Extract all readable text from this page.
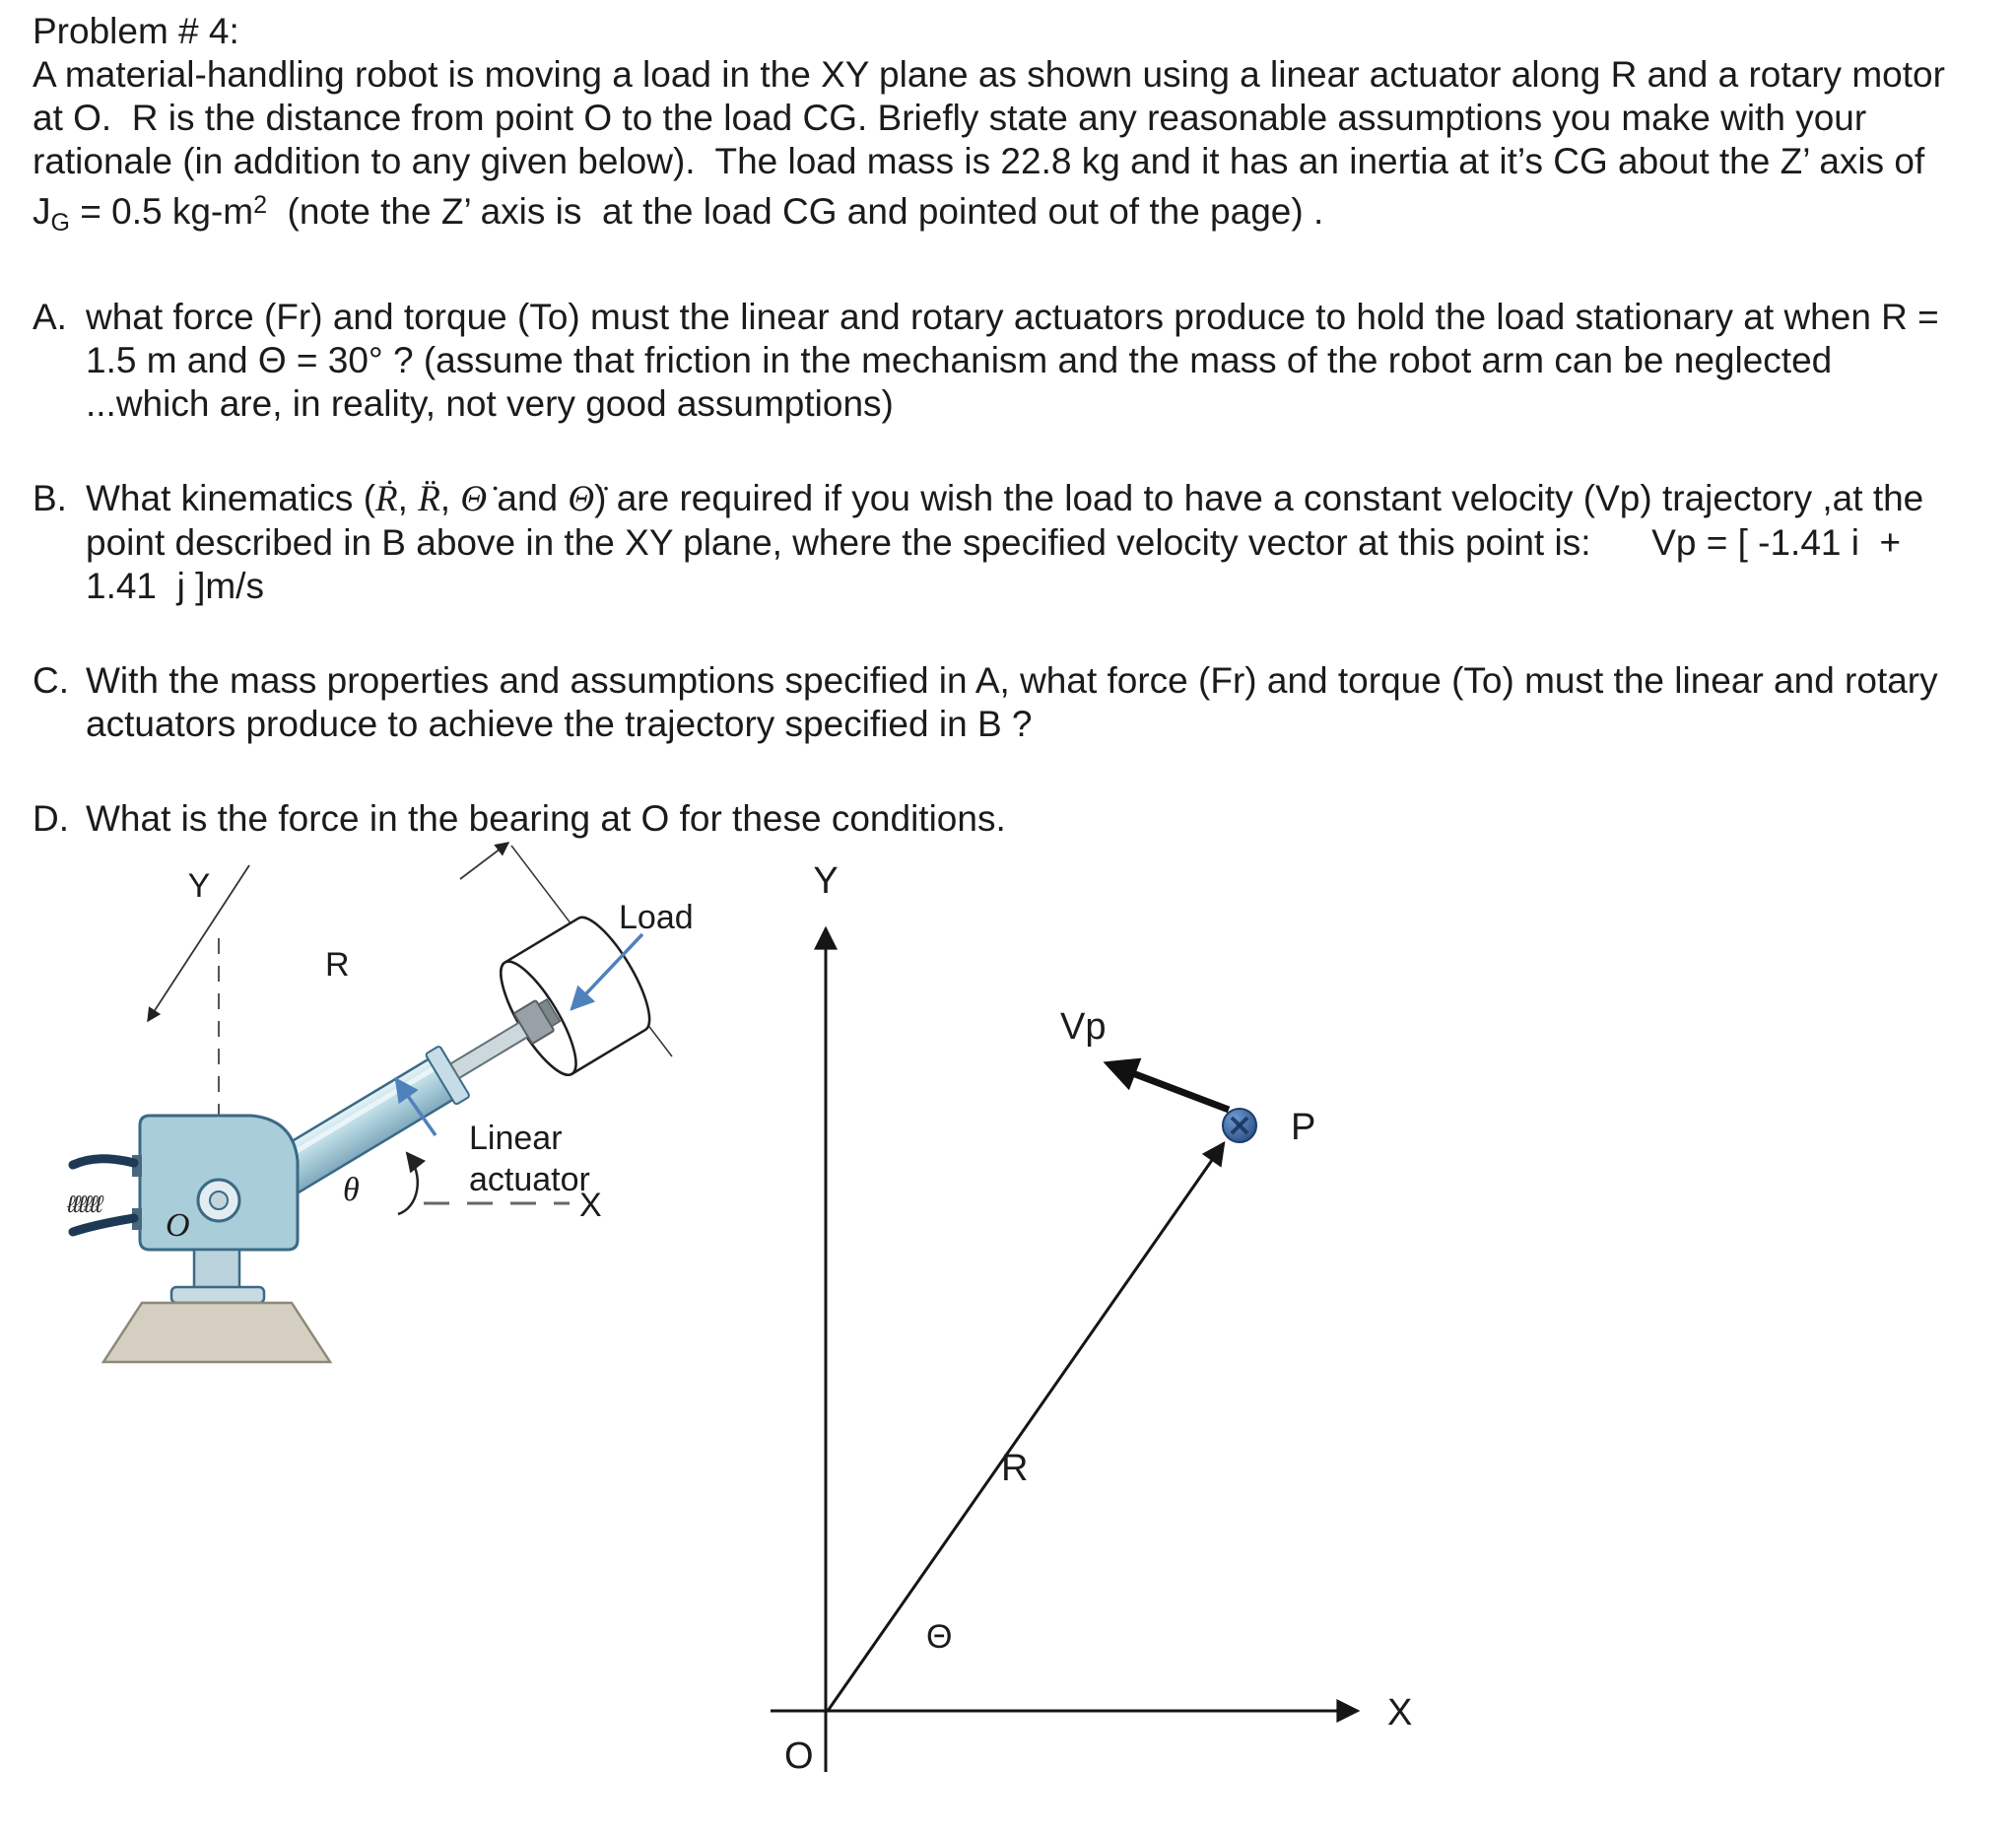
Problem # 4:
A material-handling robot is moving a load in the XY plane as shown using a linear actuator along R and a rotary motor at O.  R is the distance from point O to the load CG. Briefly state any reasonable assumptions you make with your rationale (in addition to any given below).  The load mass is 22.8 kg and it has an inertia at it’s CG about the Z’ axis of  $J_G = 0.5$ $kg-m^2$  (note the Z’ axis is  at the load CG and pointed out of the page) .
A. what force (Fr) and torque (To) must the linear and rotary actuators produce to hold the load stationary at when R = 1.5 m and Θ = 30° ? (assume that friction in the mechanism and the mass of the robot arm can be neglected ...which are, in reality, not very good assumptions)
B. What kinematics (Ṙ, R̈, Θ̇ and Θ̈) are required if you wish the load to have a constant velocity (Vp) trajectory ,at the point described in B above in the XY plane, where the specified velocity vector at this point is:      Vp = [ -1.41 i  + 1.41  j ]m/s
C. With the mass properties and assumptions specified in A, what force (Fr) and torque (To) must the linear and rotary actuators produce to achieve the trajectory specified in B ?
D. What is the force in the bearing at O for these conditions.
Y
R
Load
ℓℓℓℓℓℓ
O
θ	X
Linear
actuator
Y
X
O
R
Θ
P
Vp
